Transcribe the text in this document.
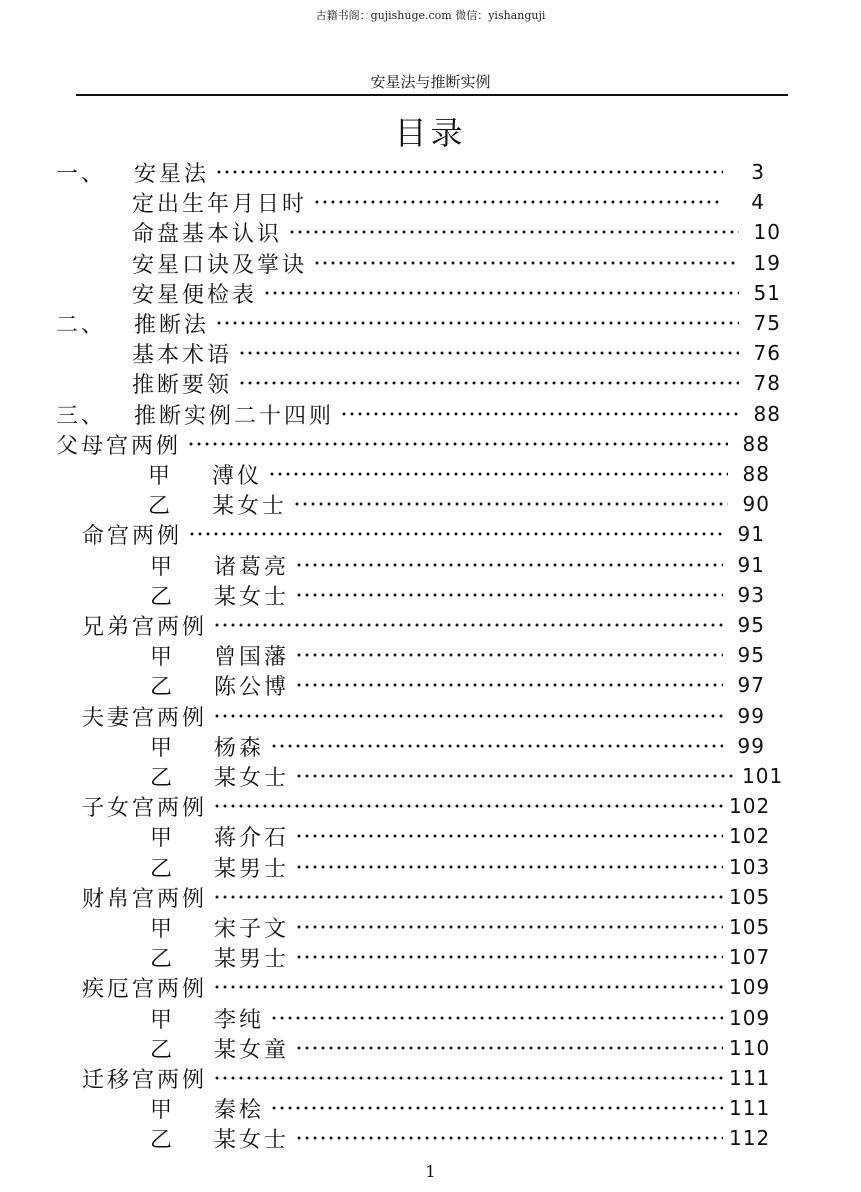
古籍书阁：gujishuge.com 微信：yishanguji
安星法与推断实例
目录
一、	安星法	3
定出生年月日时	4
命盘基本认识	10
安星口诀及掌诀	19
安星便检表	51
二、	推断法	75
基本术语	76
推断要领	78
三、	推断实例二十四则	88
父母宫两例	88
甲	溥仪	88
乙	某女士	90
命宫两例	91
甲	诸葛亮	91
乙	某女士	93
兄弟宫两例	95
甲	曾国藩	95
乙	陈公博	97
夫妻宫两例	99
甲	杨森	99
乙	某女士	101
子女宫两例	102
甲	蒋介石	102
乙	某男士	103
财帛宫两例	105
甲	宋子文	105
乙	某男士	107
疾厄宫两例	109
甲	李纯	109
乙	某女童	110
迁移宫两例	111
甲	秦桧	111
乙	某女士	112
1
